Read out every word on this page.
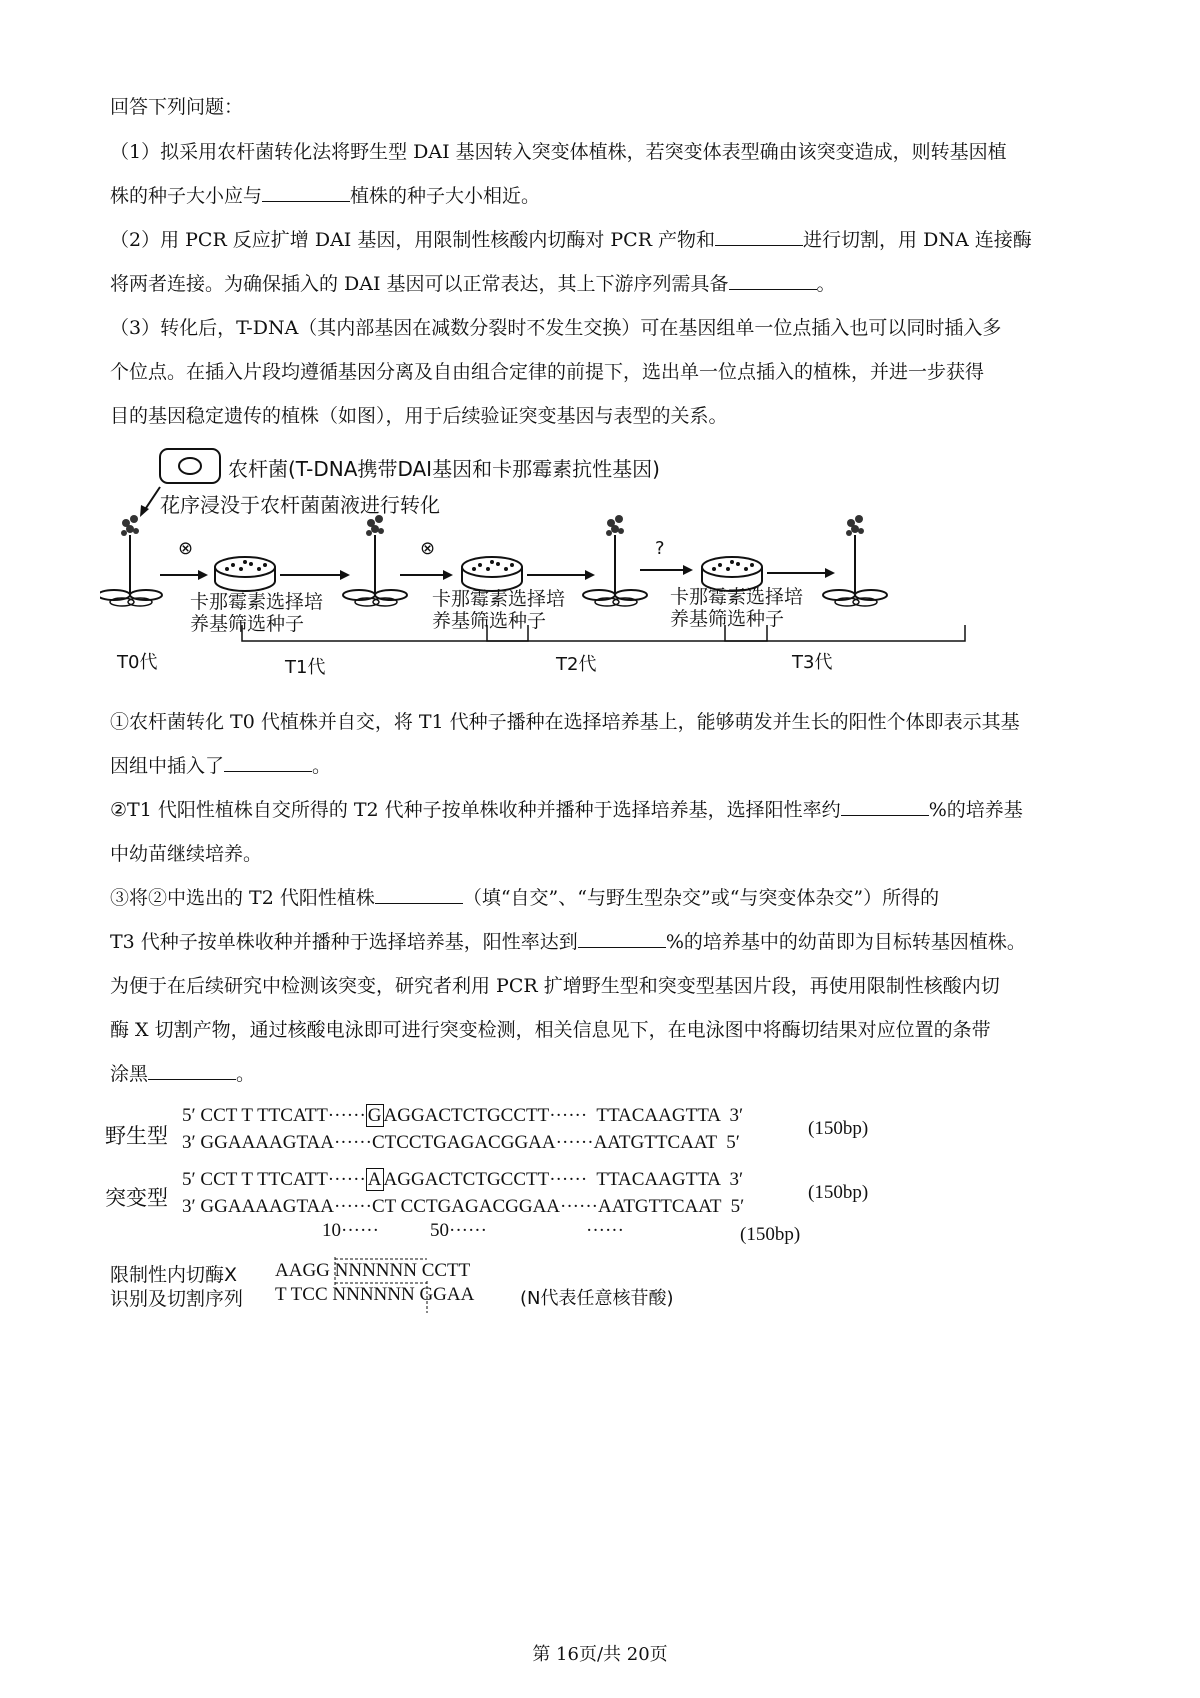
回答下列问题：
（1）拟采用农杆菌转化法将野生型 DAI 基因转入突变体植株，若突变体表型确由该突变造成，则转基因植
株的种子大小应与	植株的种子大小相近。
（2）用 PCR 反应扩增 DAI 基因，用限制性核酸内切酶对 PCR 产物和	进行切割，用 DNA 连接酶
将两者连接。为确保插入的 DAI 基因可以正常表达，其上下游序列需具备	。
（3）转化后，T-DNA（其内部基因在减数分裂时不发生交换）可在基因组单一位点插入也可以同时插入多
个位点。在插入片段均遵循基因分离及自由组合定律的前提下，选出单一位点插入的植株，并进一步获得
目的基因稳定遗传的植株（如图），用于后续验证突变基因与表型的关系。
农杆菌(T-DNA携带DAI基因和卡那霉素抗性基因)
花序浸没于农杆菌菌液进行转化
⊗	⊗	?
卡那霉素选择培
养基筛选种子
卡那霉素选择培
养基筛选种子
卡那霉素选择培
养基筛选种子
T0代	T1代	T2代	T3代
①农杆菌转化 T0 代植株并自交，将 T1 代种子播种在选择培养基上，能够萌发并生长的阳性个体即表示其基
因组中插入了	。
②T1 代阳性植株自交所得的 T2 代种子按单株收种并播种于选择培养基，选择阳性率约	%的培养基
中幼苗继续培养。
③将②中选出的 T2 代阳性植株	（填“自交”、“与野生型杂交”或“与突变体杂交”）所得的
T3 代种子按单株收种并播种于选择培养基，阳性率达到	%的培养基中的幼苗即为目标转基因植株。
为便于在后续研究中检测该突变，研究者利用 PCR 扩增野生型和突变型基因片段，再使用限制性核酸内切
酶 X 切割产物，通过核酸电泳即可进行突变检测，相关信息见下，在电泳图中将酶切结果对应位置的条带
涂黑	。
野生型
5′ CCT T TTCATT······ G AGGACTCTGCCTT······  TTACAAGTTA  3′
3′ GGAAAAGTAA······CTCCTGAGACGGAA······AATGTTCAAT  5′
(150bp)
突变型
5′ CCT T TTCATT······ A AGGACTCTGCCTT······  TTACAAGTTA  3′
3′ GGAAAAGTAA······CT CCTGAGACGGAA······AATGTTCAAT  5′
(150bp)
10······	50······	······	(150bp)
限制性内切酶X
识别及切割序列
AAGG NNNNNN CCTT
T TCC NNNNNN GGAA	(N代表任意核苷酸)
第 16页/共 20页
